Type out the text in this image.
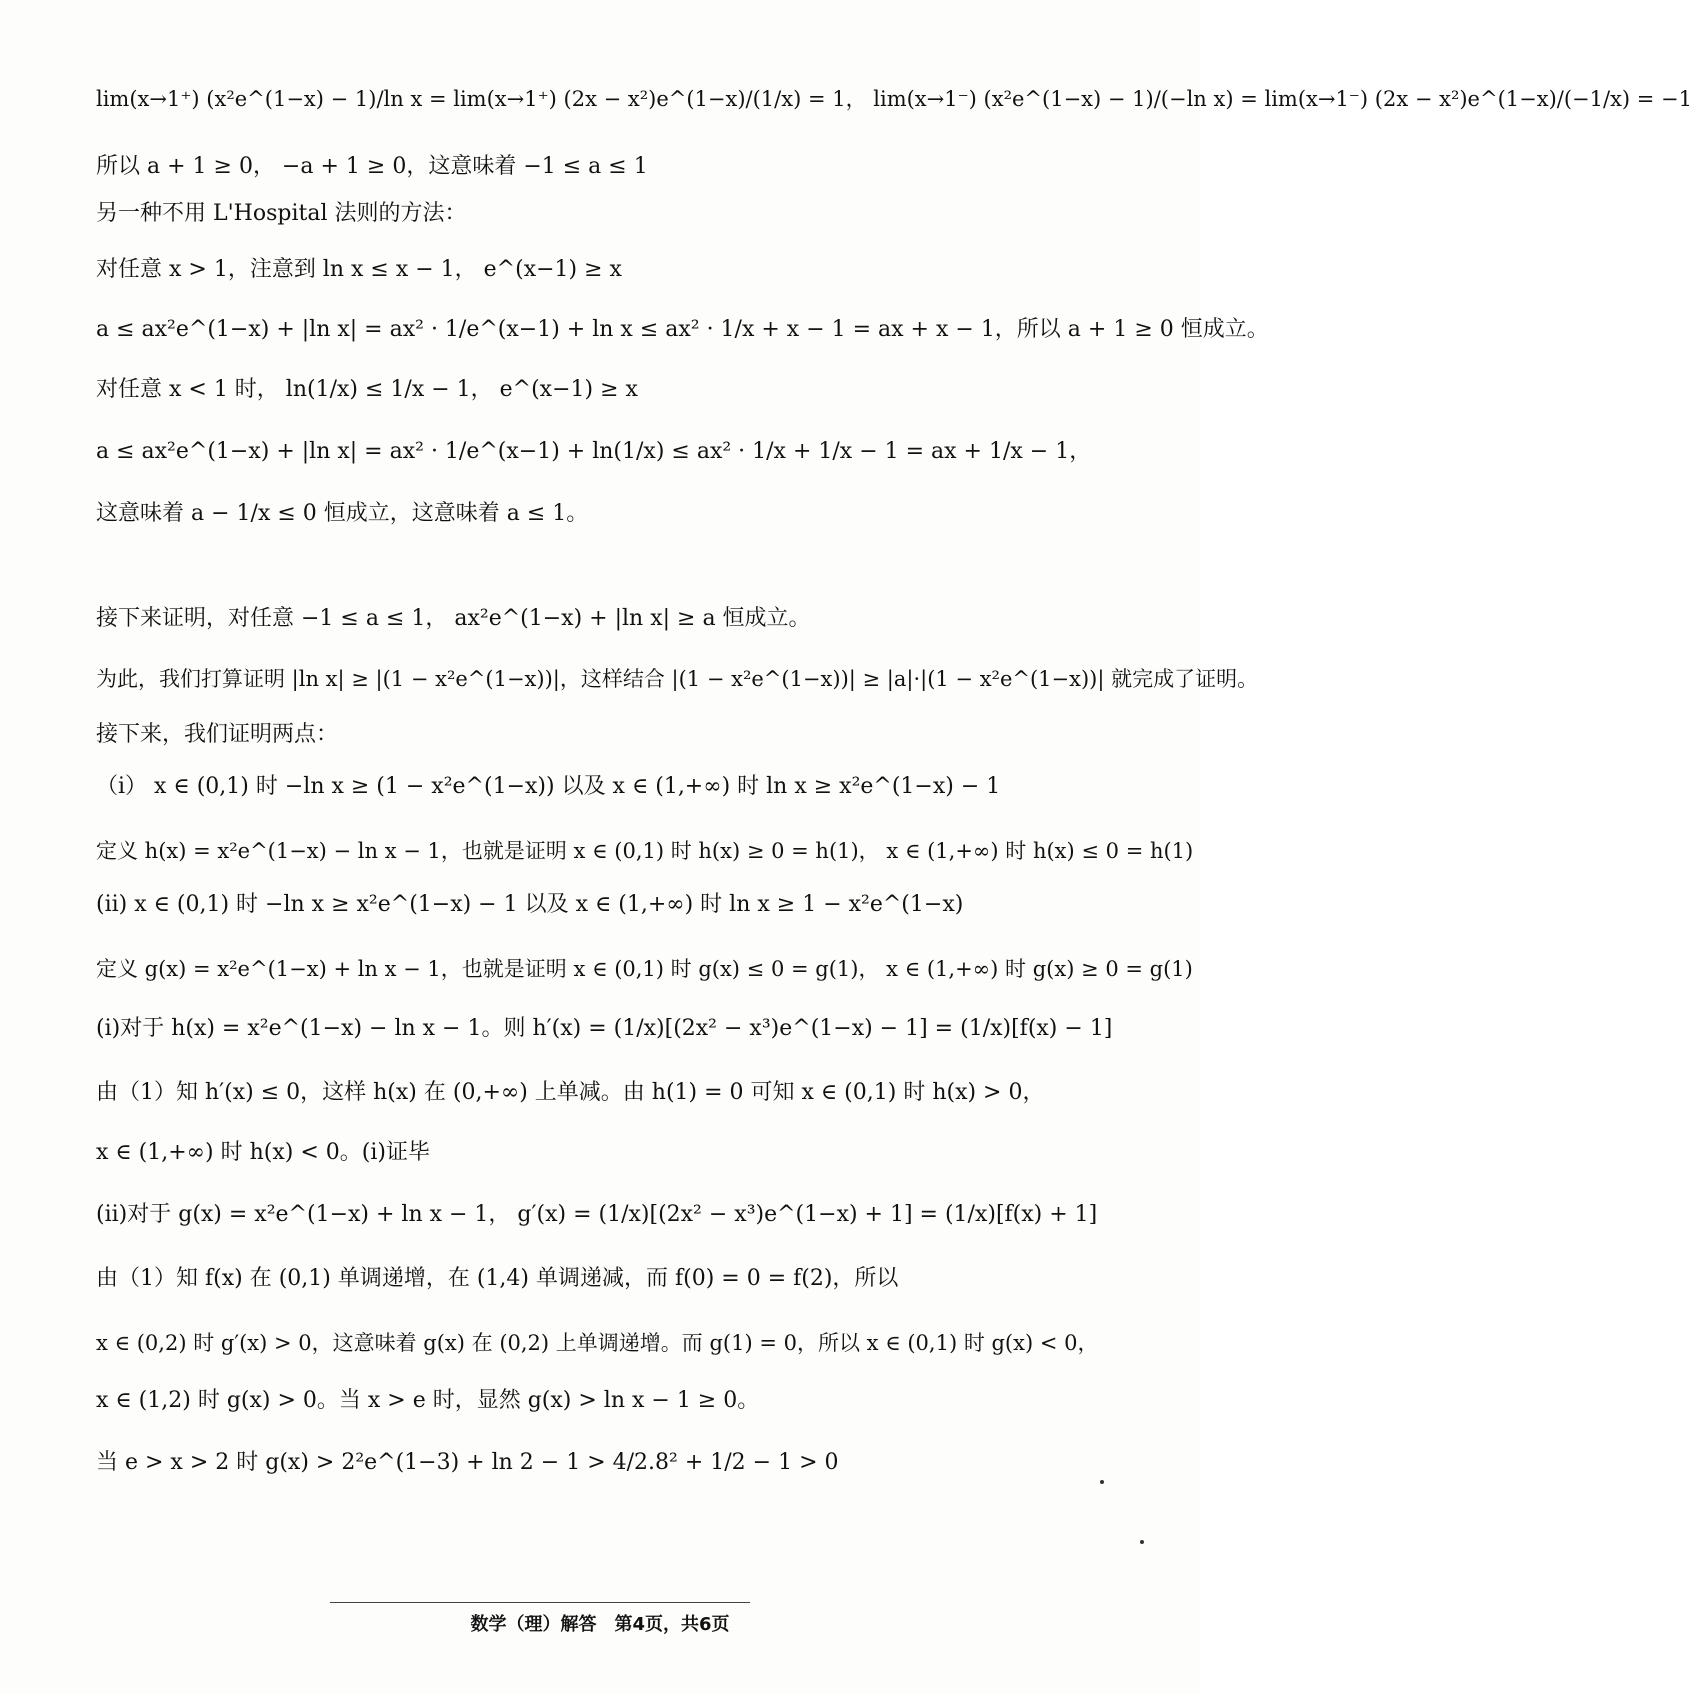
lim(x→1⁺) (x²e^(1−x) − 1)/ln x = lim(x→1⁺) (2x − x²)e^(1−x)/(1/x) = 1， lim(x→1⁻) (x²e^(1−x) − 1)/(−ln x) = lim(x→1⁻) (2x − x²)e^(1−x)/(−1/x) = −1
所以 a + 1 ≥ 0， −a + 1 ≥ 0，这意味着 −1 ≤ a ≤ 1
另一种不用 L'Hospital 法则的方法：
对任意 x > 1，注意到 ln x ≤ x − 1， e^(x−1) ≥ x
a ≤ ax²e^(1−x) + |ln x| = ax² · 1/e^(x−1) + ln x ≤ ax² · 1/x + x − 1 = ax + x − 1，所以 a + 1 ≥ 0 恒成立。
对任意 x < 1 时， ln(1/x) ≤ 1/x − 1， e^(x−1) ≥ x
a ≤ ax²e^(1−x) + |ln x| = ax² · 1/e^(x−1) + ln(1/x) ≤ ax² · 1/x + 1/x − 1 = ax + 1/x − 1，
这意味着 a − 1/x ≤ 0 恒成立，这意味着 a ≤ 1。
接下来证明，对任意 −1 ≤ a ≤ 1， ax²e^(1−x) + |ln x| ≥ a 恒成立。
为此，我们打算证明 |ln x| ≥ |(1 − x²e^(1−x))|，这样结合 |(1 − x²e^(1−x))| ≥ |a|·|(1 − x²e^(1−x))| 就完成了证明。
接下来，我们证明两点：
（i） x ∈ (0,1) 时 −ln x ≥ (1 − x²e^(1−x)) 以及 x ∈ (1,+∞) 时 ln x ≥ x²e^(1−x) − 1
定义 h(x) = x²e^(1−x) − ln x − 1，也就是证明 x ∈ (0,1) 时 h(x) ≥ 0 = h(1)， x ∈ (1,+∞) 时 h(x) ≤ 0 = h(1)
(ii) x ∈ (0,1) 时 −ln x ≥ x²e^(1−x) − 1 以及 x ∈ (1,+∞) 时 ln x ≥ 1 − x²e^(1−x)
定义 g(x) = x²e^(1−x) + ln x − 1，也就是证明 x ∈ (0,1) 时 g(x) ≤ 0 = g(1)， x ∈ (1,+∞) 时 g(x) ≥ 0 = g(1)
(i)对于 h(x) = x²e^(1−x) − ln x − 1。则 h′(x) = (1/x)[(2x² − x³)e^(1−x) − 1] = (1/x)[f(x) − 1]
由（1）知 h′(x) ≤ 0，这样 h(x) 在 (0,+∞) 上单减。由 h(1) = 0 可知 x ∈ (0,1) 时 h(x) > 0，
x ∈ (1,+∞) 时 h(x) < 0。(i)证毕
(ii)对于 g(x) = x²e^(1−x) + ln x − 1， g′(x) = (1/x)[(2x² − x³)e^(1−x) + 1] = (1/x)[f(x) + 1]
由（1）知 f(x) 在 (0,1) 单调递增，在 (1,4) 单调递减，而 f(0) = 0 = f(2)，所以
x ∈ (0,2) 时 g′(x) > 0，这意味着 g(x) 在 (0,2) 上单调递增。而 g(1) = 0，所以 x ∈ (0,1) 时 g(x) < 0，
x ∈ (1,2) 时 g(x) > 0。当 x > e 时，显然 g(x) > ln x − 1 ≥ 0。
当 e > x > 2 时 g(x) > 2²e^(1−3) + ln 2 − 1 > 4/2.8² + 1/2 − 1 > 0
数学（理）解答　第4页，共6页
